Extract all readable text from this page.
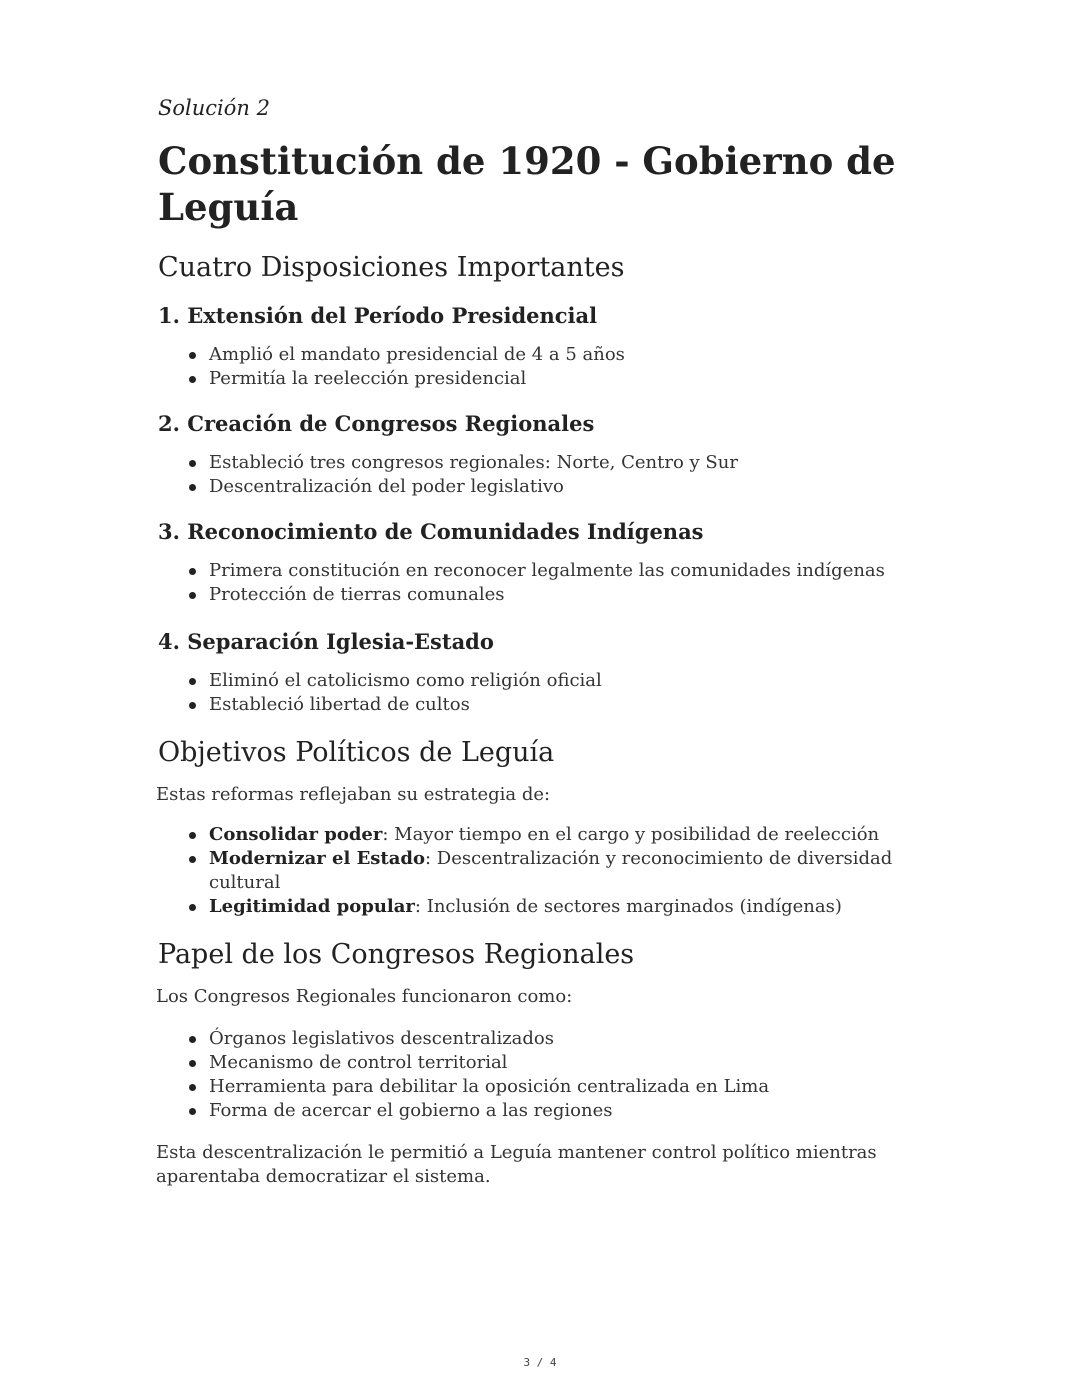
Solución 2

Constitución de 1920 - Gobierno de Leguía
Cuatro Disposiciones Importantes
1. Extensión del Período Presidencial
Amplió el mandato presidencial de 4 a 5 años
Permitía la reelección presidencial
2. Creación de Congresos Regionales
Estableció tres congresos regionales: Norte, Centro y Sur
Descentralización del poder legislativo
3. Reconocimiento de Comunidades Indígenas
Primera constitución en reconocer legalmente las comunidades indígenas
Protección de tierras comunales
4. Separación Iglesia-Estado
Eliminó el catolicismo como religión oficial
Estableció libertad de cultos
Objetivos Políticos de Leguía

Estas reformas reflejaban su estrategia de:

Consolidar poder: Mayor tiempo en el cargo y posibilidad de reelección
Modernizar el Estado: Descentralización y reconocimiento de diversidad cultural
Legitimidad popular: Inclusión de sectores marginados (indígenas)
Papel de los Congresos Regionales

Los Congresos Regionales funcionaron como:

Órganos legislativos descentralizados
Mecanismo de control territorial
Herramienta para debilitar la oposición centralizada en Lima
Forma de acercar el gobierno a las regiones

Esta descentralización le permitió a Leguía mantener control político mientras aparentaba democratizar el sistema.

3 / 4
